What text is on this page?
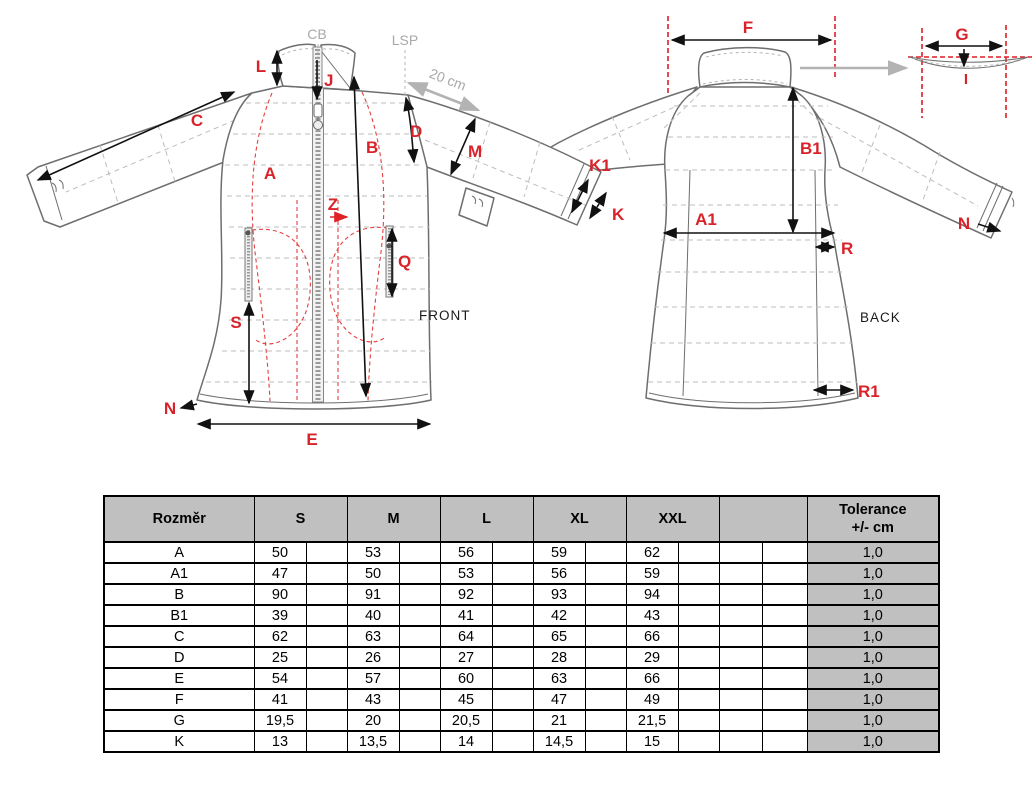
F
B1
A1
R
R1
N
BACK
G
I
CB	LSP
20 cm
L
J
C
A
B
D
M
Z
Q
S
N
E
K1
K
FRONT
Rozměr	S		M		L		XL		XXL				Tolerance
+/- cm
A	50		53		56		59		62				1,0
A1	47		50		53		56		59				1,0
B	90		91		92		93		94				1,0
B1	39		40		41		42		43				1,0
C	62		63		64		65		66				1,0
D	25		26		27		28		29				1,0
E	54		57		60		63		66				1,0
F	41		43		45		47		49				1,0
G	19,5		20		20,5		21		21,5				1,0
K	13		13,5		14		14,5		15				1,0
